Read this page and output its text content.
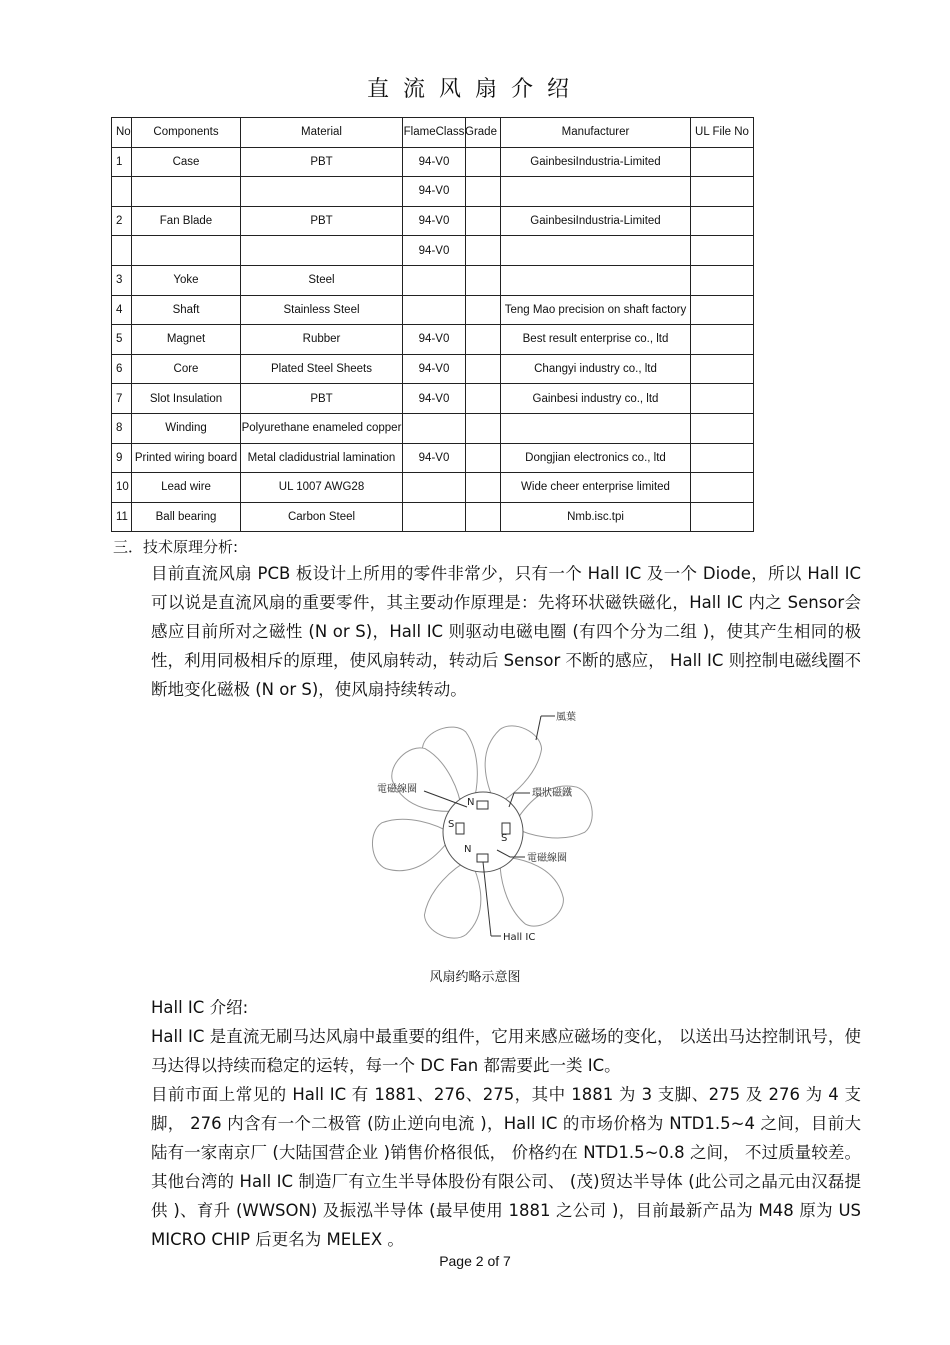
直流风扇介绍
No	Components	Material	FlameClass	Grade	Manufacturer	UL File No
1	Case	PBT	94-V0		GainbesiIndustria-Limited	
			94-V0			
2	Fan Blade	PBT	94-V0		GainbesiIndustria-Limited	
			94-V0			
3	Yoke	Steel				
4	Shaft	Stainless Steel			Teng Mao precision on shaft factory	
5	Magnet	Rubber	94-V0		Best result enterprise co., ltd	
6	Core	Plated Steel Sheets	94-V0		Changyi industry co., ltd	
7	Slot Insulation	PBT	94-V0		Gainbesi industry co., ltd	
8	Winding	Polyurethane enameled copper				
9	Printed wiring board	Metal cladidustrial lamination	94-V0		Dongjian electronics co., ltd	
10	Lead wire	UL 1007 AWG28			Wide cheer enterprise limited	
11	Ball bearing	Carbon Steel			Nmb.isc.tpi	
三．技术原理分析:
目前直流风扇 PCB 板设计上所用的零件非常少，只有一个 Hall IC 及一个 Diode，所以 Hall IC 可以说是直流风扇的重要零件，其主要动作原理是：先将环状磁铁磁化，Hall IC 内之 Sensor会感应目前所对之磁性 (N or S)，Hall IC 则驱动电磁电圈 (有四个分为二组 )，使其产生相同的极性，利用同极相斥的原理，使风扇转动，转动后 Sensor 不断的感应， Hall IC 则控制电磁线圈不断地变化磁极 (N or S)，使风扇持续转动。
風葉
環狀磁鐵
電磁線圈
電磁線圈
Hall IC
N
N
S
S
风扇约略示意图
Hall IC 介绍:
Hall IC 是直流无刷马达风扇中最重要的组件，它用来感应磁场的变化， 以送出马达控制讯号，使马达得以持续而稳定的运转，每一个 DC Fan 都需要此一类 IC。
目前市面上常见的 Hall IC 有 1881、276、275，其中 1881 为 3 支脚、275 及 276 为 4 支脚， 276 内含有一个二极管 (防止逆向电流 )，Hall IC 的市场价格为 NTD1.5~4 之间，目前大陆有一家南京厂 (大陆国营企业 )销售价格很低， 价格约在 NTD1.5~0.8 之间， 不过质量较差。其他台湾的 Hall IC 制造厂有立生半导体股份有限公司、 (茂)贸达半导体 (此公司之晶元由汉磊提供 )、育升 (WWSON) 及振泓半导体 (最早使用 1881 之公司 )，目前最新产品为 M48 原为 US MICRO CHIP 后更名为 MELEX 。
Page 2 of 7
